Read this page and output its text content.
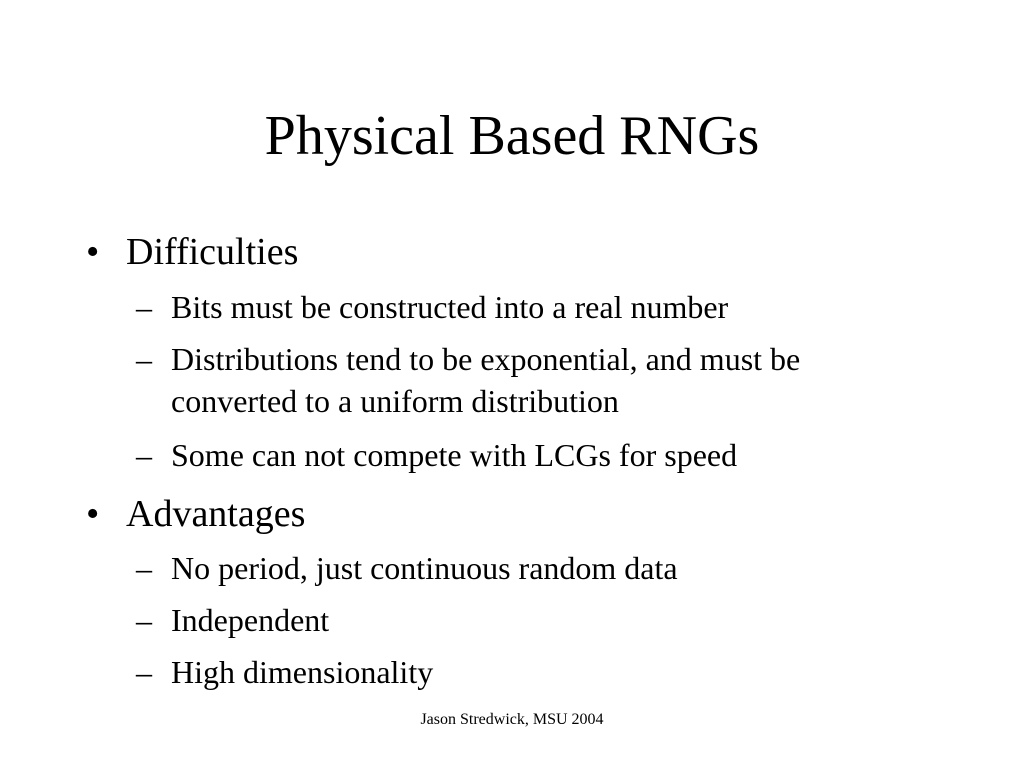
Physical Based RNGs
• Difficulties
– Bits must be constructed into a real number
– Distributions tend to be exponential, and must be converted to a uniform distribution
– Some can not compete with LCGs for speed
• Advantages
– No period, just continuous random data
– Independent
– High dimensionality
Jason Stredwick, MSU 2004
